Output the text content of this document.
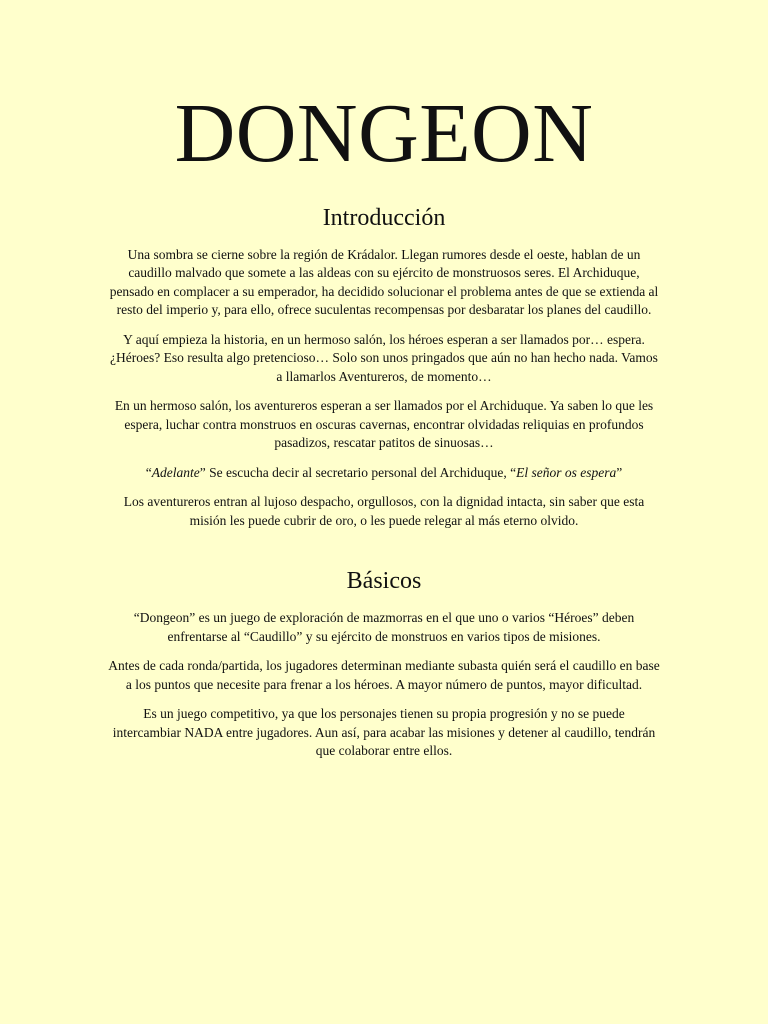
DONGEON
Introducción

Una sombra se cierne sobre la región de Krádalor. Llegan rumores desde el oeste, hablan de un caudillo malvado que somete a las aldeas con su ejército de monstruosos seres. El Archiduque, pensado en complacer a su emperador, ha decidido solucionar el problema antes de que se extienda al resto del imperio y, para ello, ofrece suculentas recompensas por desbaratar los planes del caudillo.

Y aquí empieza la historia, en un hermoso salón, los héroes esperan a ser llamados por… espera. ¿Héroes? Eso resulta algo pretencioso… Solo son unos pringados que aún no han hecho nada. Vamos a llamarlos Aventureros, de momento…

En un hermoso salón, los aventureros esperan a ser llamados por el Archiduque. Ya saben lo que les espera, luchar contra monstruos en oscuras cavernas, encontrar olvidadas reliquias en profundos pasadizos, rescatar patitos de sinuosas…

“Adelante” Se escucha decir al secretario personal del Archiduque, “El señor os espera”

Los aventureros entran al lujoso despacho, orgullosos, con la dignidad intacta, sin saber que esta misión les puede cubrir de oro, o les puede relegar al más eterno olvido.

Básicos

“Dongeon” es un juego de exploración de mazmorras en el que uno o varios “Héroes” deben enfrentarse al “Caudillo” y su ejército de monstruos en varios tipos de misiones.

Antes de cada ronda/partida, los jugadores determinan mediante subasta quién será el caudillo en base a los puntos que necesite para frenar a los héroes. A mayor número de puntos, mayor dificultad.

Es un juego competitivo, ya que los personajes tienen su propia progresión y no se puede intercambiar NADA entre jugadores. Aun así, para acabar las misiones y detener al caudillo, tendrán que colaborar entre ellos.
